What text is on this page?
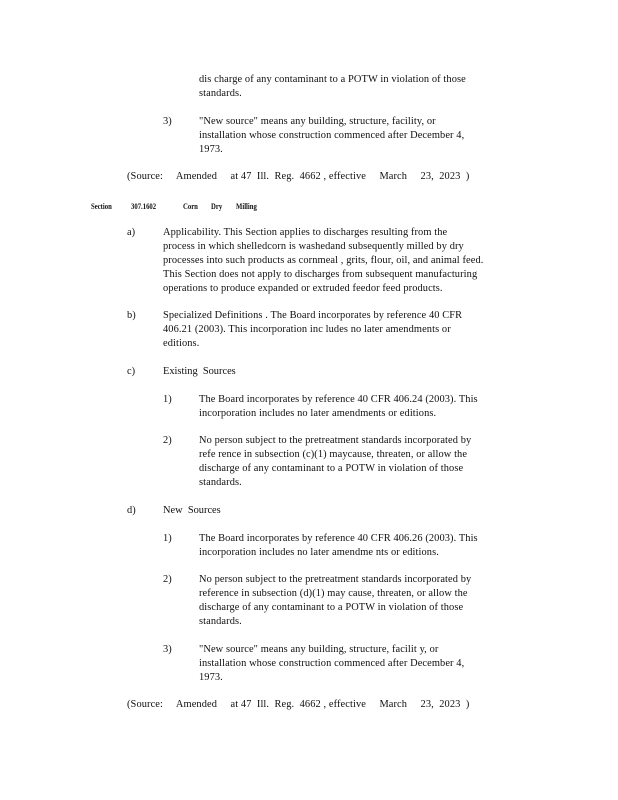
dis charge of any contaminant to a POTW in violation of those
standards.
3)	"New source" means any building, structure, facility, or
installation whose construction commenced after December 4,
1973.
(Source:     Amended     at 47  Ill.  Reg.  4662 , effective     March     23,  2023  )
Section 307.1602	Corn Dry Milling
a)	Applicability. This Section applies to discharges resulting from the
process in which shelledcorn is washedand subsequently milled by dry
processes into such products as cornmeal , grits, flour, oil, and animal feed.
This Section does not apply to discharges from subsequent manufacturing
operations to produce expanded or extruded feedor feed products.
b)	Specialized Definitions . The Board incorporates by reference 40 CFR
406.21 (2003). This incorporation inc ludes no later amendments or
editions.
c)	Existing  Sources
1)	The Board incorporates by reference 40 CFR 406.24 (2003). This
incorporation includes no later amendments or editions.
2)	No person subject to the pretreatment standards incorporated by
refe rence in subsection (c)(1) maycause, threaten, or allow the
discharge of any contaminant to a POTW in violation of those
standards.
d)	New  Sources
1)	The Board incorporates by reference 40 CFR 406.26 (2003). This
incorporation includes no later amendme nts or editions.
2)	No person subject to the pretreatment standards incorporated by
reference in subsection (d)(1) may cause, threaten, or allow the
discharge of any contaminant to a POTW in violation of those
standards.
3)	"New source" means any building, structure, facilit y, or
installation whose construction commenced after December 4,
1973.
(Source:     Amended     at 47  Ill.  Reg.  4662 , effective     March     23,  2023  )
